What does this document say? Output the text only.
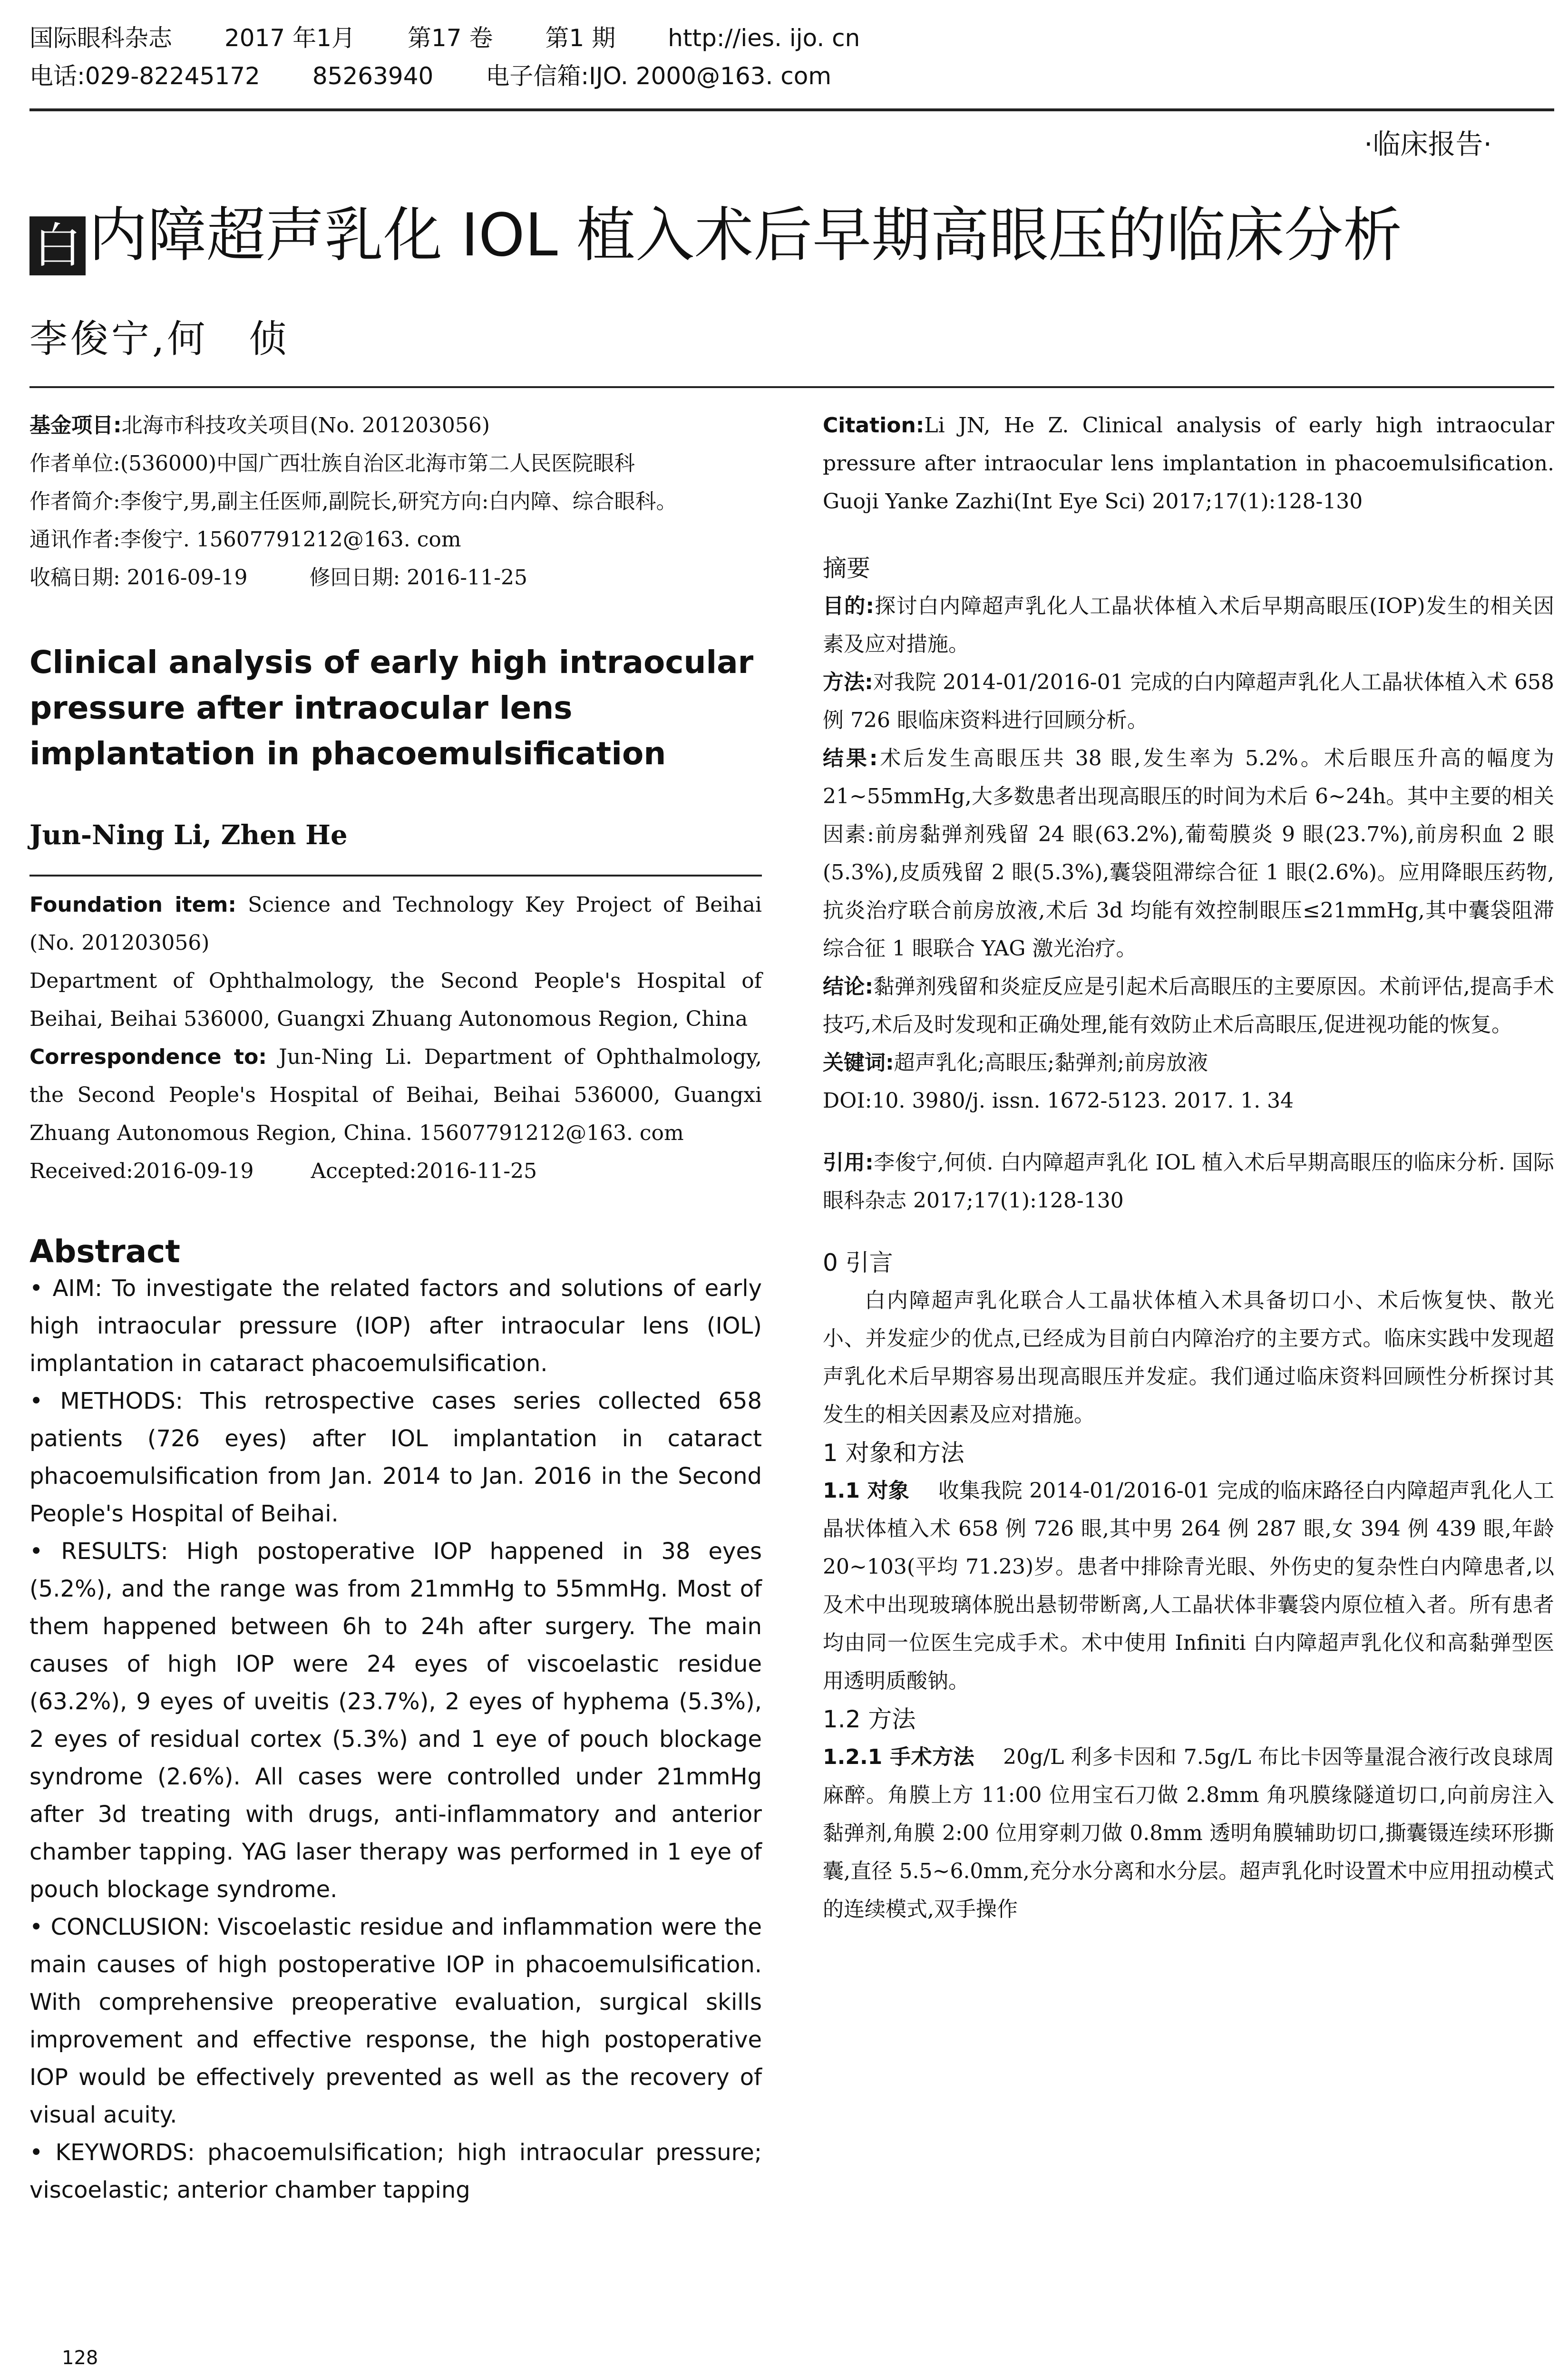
国际眼科杂志 2017 年1月 第17 卷 第1 期 http://ies. ijo. cn
电话:029-82245172 85263940 电子信箱:IJO. 2000@163. com
·临床报告·
白 内障超声乳化 IOL 植入术后早期高眼压的临床分析
李俊宁,何　侦

基金项目:北海市科技攻关项目(No. 201203056)

作者单位:(536000)中国广西壮族自治区北海市第二人民医院眼科

作者简介:李俊宁,男,副主任医师,副院长,研究方向:白内障、综合眼科。

通讯作者:李俊宁. 15607791212@163. com

收稿日期: 2016-09-19	修回日期: 2016-11-25

Clinical analysis of early high intraocular pressure after intraocular lens implantation in phacoemulsification

Jun-Ning Li, Zhen He

Foundation item: Science and Technology Key Project of Beihai (No. 201203056)

Department of Ophthalmology, the Second People's Hospital of Beihai, Beihai 536000, Guangxi Zhuang Autonomous Region, China

Correspondence to: Jun-Ning Li. Department of Ophthalmology, the Second People's Hospital of Beihai, Beihai 536000, Guangxi Zhuang Autonomous Region, China. 15607791212@163. com

Received:2016-09-19	Accepted:2016-11-25

Abstract

• AIM: To investigate the related factors and solutions of early high intraocular pressure (IOP) after intraocular lens (IOL) implantation in cataract phacoemulsification.

• METHODS: This retrospective cases series collected 658 patients (726 eyes) after IOL implantation in cataract phacoemulsification from Jan. 2014 to Jan. 2016 in the Second People's Hospital of Beihai.

• RESULTS: High postoperative IOP happened in 38 eyes (5.2%), and the range was from 21mmHg to 55mmHg. Most of them happened between 6h to 24h after surgery. The main causes of high IOP were 24 eyes of viscoelastic residue (63.2%), 9 eyes of uveitis (23.7%), 2 eyes of hyphema (5.3%), 2 eyes of residual cortex (5.3%) and 1 eye of pouch blockage syndrome (2.6%). All cases were controlled under 21mmHg after 3d treating with drugs, anti-inflammatory and anterior chamber tapping. YAG laser therapy was performed in 1 eye of pouch blockage syndrome.

• CONCLUSION: Viscoelastic residue and inflammation were the main causes of high postoperative IOP in phacoemulsification. With comprehensive preoperative evaluation, surgical skills improvement and effective response, the high postoperative IOP would be effectively prevented as well as the recovery of visual acuity.

• KEYWORDS: phacoemulsification; high intraocular pressure; viscoelastic; anterior chamber tapping

Citation:Li JN, He Z. Clinical analysis of early high intraocular pressure after intraocular lens implantation in phacoemulsification. Guoji Yanke Zazhi(Int Eye Sci) 2017;17(1):128-130

摘要

目的:探讨白内障超声乳化人工晶状体植入术后早期高眼压(IOP)发生的相关因素及应对措施。

方法:对我院 2014-01/2016-01 完成的白内障超声乳化人工晶状体植入术 658 例 726 眼临床资料进行回顾分析。

结果:术后发生高眼压共 38 眼,发生率为 5.2%。术后眼压升高的幅度为 21~55mmHg,大多数患者出现高眼压的时间为术后 6~24h。其中主要的相关因素:前房黏弹剂残留 24 眼(63.2%),葡萄膜炎 9 眼(23.7%),前房积血 2 眼(5.3%),皮质残留 2 眼(5.3%),囊袋阻滞综合征 1 眼(2.6%)。应用降眼压药物,抗炎治疗联合前房放液,术后 3d 均能有效控制眼压≤21mmHg,其中囊袋阻滞综合征 1 眼联合 YAG 激光治疗。

结论:黏弹剂残留和炎症反应是引起术后高眼压的主要原因。术前评估,提高手术技巧,术后及时发现和正确处理,能有效防止术后高眼压,促进视功能的恢复。

关键词:超声乳化;高眼压;黏弹剂;前房放液

DOI:10. 3980/j. issn. 1672-5123. 2017. 1. 34

引用:李俊宁,何侦. 白内障超声乳化 IOL 植入术后早期高眼压的临床分析. 国际眼科杂志 2017;17(1):128-130

0 引言

白内障超声乳化联合人工晶状体植入术具备切口小、术后恢复快、散光小、并发症少的优点,已经成为目前白内障治疗的主要方式。临床实践中发现超声乳化术后早期容易出现高眼压并发症。我们通过临床资料回顾性分析探讨其发生的相关因素及应对措施。

1 对象和方法

1.1 对象 收集我院 2014-01/2016-01 完成的临床路径白内障超声乳化人工晶状体植入术 658 例 726 眼,其中男 264 例 287 眼,女 394 例 439 眼,年龄 20~103(平均 71.23)岁。患者中排除青光眼、外伤史的复杂性白内障患者,以及术中出现玻璃体脱出悬韧带断离,人工晶状体非囊袋内原位植入者。所有患者均由同一位医生完成手术。术中使用 Infiniti 白内障超声乳化仪和高黏弹型医用透明质酸钠。

1.2 方法

1.2.1 手术方法 20g/L 利多卡因和 7.5g/L 布比卡因等量混合液行改良球周麻醉。角膜上方 11:00 位用宝石刀做 2.8mm 角巩膜缘隧道切口,向前房注入黏弹剂,角膜 2:00 位用穿刺刀做 0.8mm 透明角膜辅助切口,撕囊镊连续环形撕囊,直径 5.5~6.0mm,充分水分离和水分层。超声乳化时设置术中应用扭动模式的连续模式,双手操作

128
